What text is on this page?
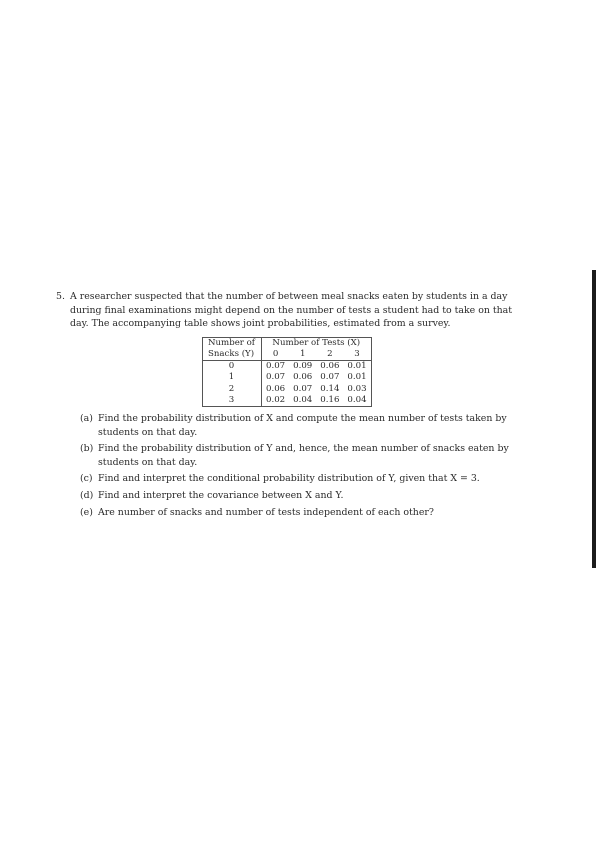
5. A researcher suspected that the number of between meal snacks eaten by students in a day during final examinations might depend on the number of tests a student had to take on that day. The accompanying table shows joint probabilities, estimated from a survey.
Number of	Number of Tests (X)			
Snacks (Y)	0	1	2	3
0	0.07	0.09	0.06	0.01
1	0.07	0.06	0.07	0.01
2	0.06	0.07	0.14	0.03
3	0.02	0.04	0.16	0.04
(a) Find the probability distribution of X and compute the mean number of tests taken by students on that day.
(b) Find the probability distribution of Y and, hence, the mean number of snacks eaten by students on that day.
(c) Find and interpret the conditional probability distribution of Y, given that X = 3.
(d) Find and interpret the covariance between X and Y.
(e) Are number of snacks and number of tests independent of each other?
